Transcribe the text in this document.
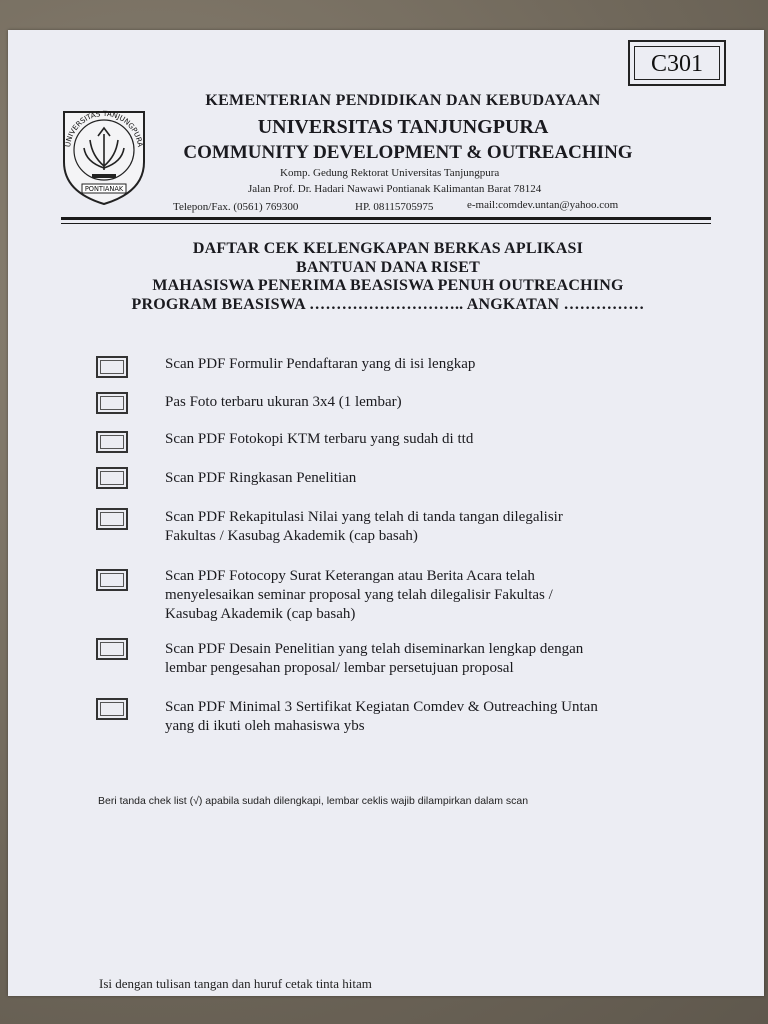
C301
UNIVERSITAS TANJUNGPURA
PONTIANAK
KEMENTERIAN PENDIDIKAN DAN KEBUDAYAAN
UNIVERSITAS TANJUNGPURA
COMMUNITY DEVELOPMENT & OUTREACHING
Komp. Gedung Rektorat Universitas Tanjungpura
Jalan Prof. Dr. Hadari Nawawi Pontianak Kalimantan Barat 78124
Telepon/Fax. (0561) 769300	HP. 08115705975	e-mail:comdev.untan@yahoo.com
DAFTAR CEK KELENGKAPAN BERKAS APLIKASI
BANTUAN DANA RISET
MAHASISWA PENERIMA BEASISWA PENUH OUTREACHING
PROGRAM BEASISWA ……………………….. ANGKATAN ……………
Scan PDF Formulir Pendaftaran yang di isi lengkap
Pas Foto terbaru ukuran 3x4 (1 lembar)
Scan PDF Fotokopi KTM terbaru yang sudah di ttd
Scan PDF Ringkasan Penelitian
Scan PDF Rekapitulasi Nilai yang telah di tanda tangan dilegalisir
Fakultas / Kasubag Akademik (cap basah)
Scan PDF Fotocopy Surat Keterangan atau Berita Acara telah
menyelesaikan seminar proposal yang telah dilegalisir Fakultas /
Kasubag Akademik (cap basah)
Scan PDF Desain Penelitian yang telah diseminarkan lengkap dengan
lembar pengesahan proposal/ lembar persetujuan proposal
Scan PDF Minimal 3 Sertifikat Kegiatan Comdev & Outreaching Untan
yang di ikuti oleh mahasiswa ybs
Beri tanda chek list (√) apabila sudah dilengkapi, lembar ceklis wajib dilampirkan dalam scan
Isi dengan tulisan tangan dan huruf cetak tinta hitam
